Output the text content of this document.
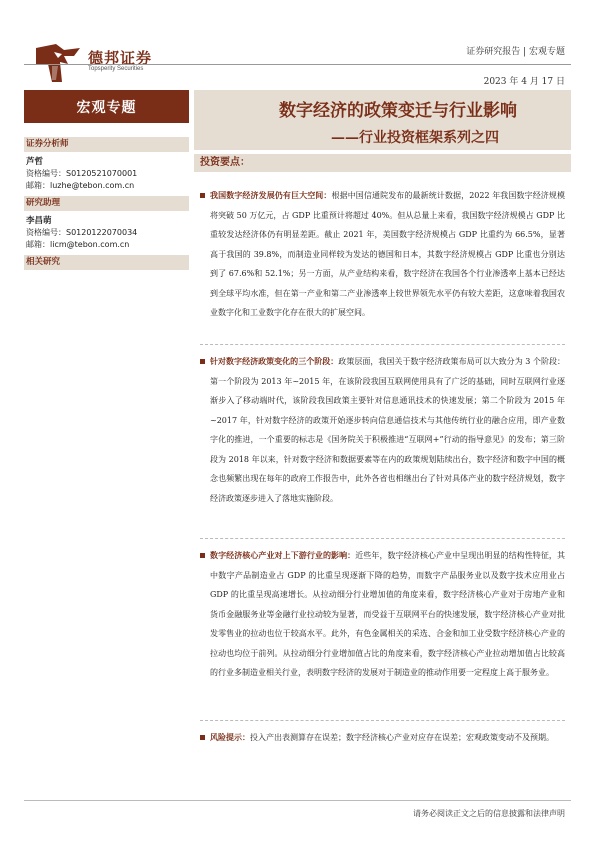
德邦证券
Topsperity Securities
证券研究报告 | 宏观专题
2023 年 4 月 17 日
宏观专题
证券分析师
芦哲
资格编号：S0120521070001
邮箱：luzhe@tebon.com.cn
研究助理
李昌萌
资格编号：S0120122070034
邮箱：licm@tebon.com.cn
相关研究
数字经济的政策变迁与行业影响
——行业投资框架系列之四
投资要点：
我国数字经济发展仍有巨大空间：根据中国信通院发布的最新统计数据，2022 年我国数字经济规模将突破 50 万亿元，占 GDP 比重预计将超过 40%。但从总量上来看，我国数字经济规模占 GDP 比重较发达经济体仍有明显差距。截止 2021 年，美国数字经济规模占 GDP 比重约为 66.5%，显著高于我国的 39.8%，而制造业同样较为发达的德国和日本，其数字经济规模占 GDP 比重也分别达到了 67.6%和 52.1%；另一方面，从产业结构来看，数字经济在我国各个行业渗透率上基本已经达到全球平均水准，但在第一产业和第二产业渗透率上较世界领先水平仍有较大差距，这意味着我国农业数字化和工业数字化存在很大的扩展空间。
针对数字经济政策变化的三个阶段：政策层面，我国关于数字经济政策布局可以大致分为 3 个阶段：第一个阶段为 2013 年~2015 年，在该阶段我国互联网使用具有了广泛的基础，同时互联网行业逐渐步入了移动端时代，该阶段我国政策主要针对信息通讯技术的快速发展；第二个阶段为 2015 年~2017 年，针对数字经济的政策开始逐步转向信息通信技术与其他传统行业的融合应用，即产业数字化的推进，一个重要的标志是《国务院关于积极推进“互联网+”行动的指导意见》的发布；第三阶段为 2018 年以来，针对数字经济和数据要素等在内的政策规划陆续出台，数字经济和数字中国的概念也频繁出现在每年的政府工作报告中，此外各省也相继出台了针对具体产业的数字经济规划，数字经济政策逐步进入了落地实施阶段。
数字经济核心产业对上下游行业的影响：近些年，数字经济核心产业中呈现出明显的结构性特征，其中数字产品制造业占 GDP 的比重呈现逐渐下降的趋势，而数字产品服务业以及数字技术应用业占 GDP 的比重呈现高速增长。从拉动细分行业增加值的角度来看，数字经济核心产业对于房地产业和货币金融服务业等金融行业拉动较为显著，而受益于互联网平台的快速发展，数字经济核心产业对批发零售业的拉动也位于较高水平。此外，有色金属相关的采选、合金和加工业受数字经济核心产业的拉动也均位于前列。从拉动细分行业增加值占比的角度来看，数字经济核心产业拉动增加值占比较高的行业多制造业相关行业，表明数字经济的发展对于制造业的推动作用要一定程度上高于服务业。
风险提示：投入产出表测算存在误差；数字经济核心产业对应存在误差；宏观政策变动不及预期。
请务必阅读正文之后的信息披露和法律声明
